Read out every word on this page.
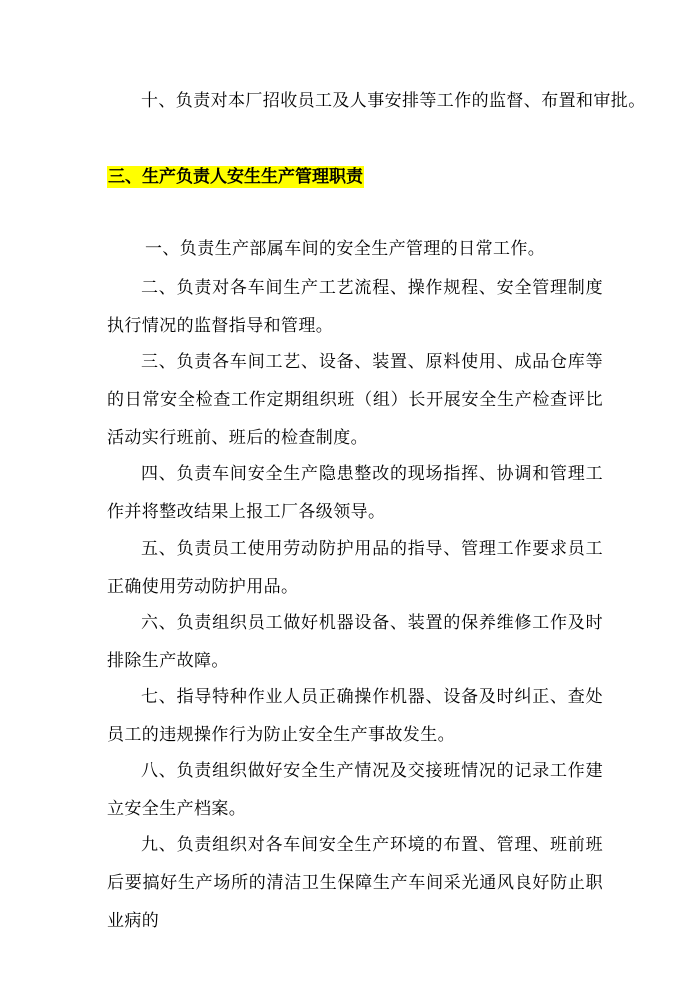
十、负责对本厂招收员工及人事安排等工作的监督、布置和审批。

三、生产负责人安生生产管理职责

一、负责生产部属车间的安全生产管理的日常工作。

二、负责对各车间生产工艺流程、操作规程、安全管理制度执行情况的监督指导和管理。

三、负责各车间工艺、设备、装置、原料使用、成品仓库等的日常安全检查工作定期组织班（组）长开展安全生产检查评比活动实行班前、班后的检查制度。

四、负责车间安全生产隐患整改的现场指挥、协调和管理工作并将整改结果上报工厂各级领导。

五、负责员工使用劳动防护用品的指导、管理工作要求员工正确使用劳动防护用品。

六、负责组织员工做好机器设备、装置的保养维修工作及时排除生产故障。

七、指导特种作业人员正确操作机器、设备及时纠正、查处员工的违规操作行为防止安全生产事故发生。

八、负责组织做好安全生产情况及交接班情况的记录工作建立安全生产档案。

九、负责组织对各车间安全生产环境的布置、管理、班前班后要搞好生产场所的清洁卫生保障生产车间采光通风良好防止职业病的
